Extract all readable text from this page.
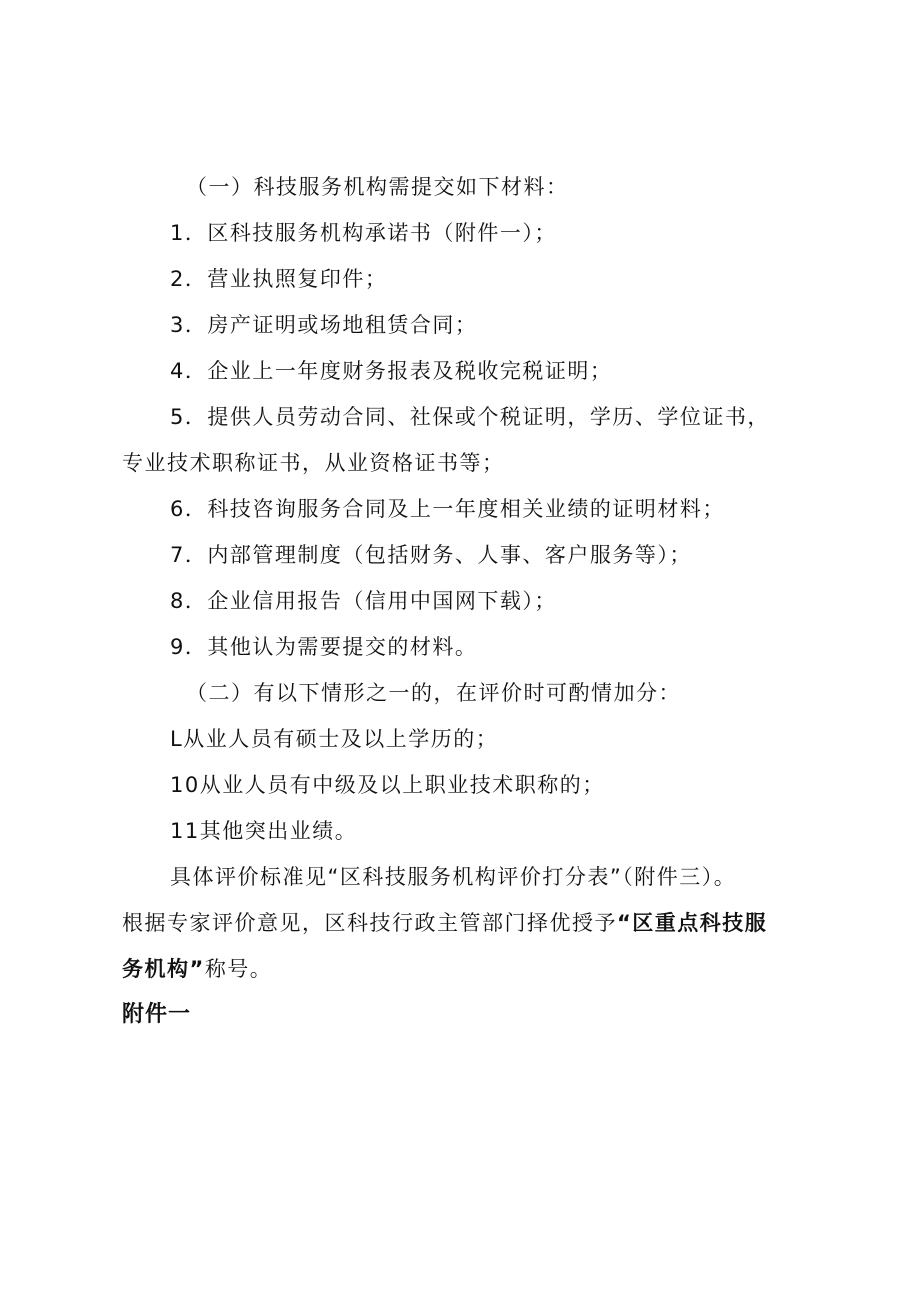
（一）科技服务机构需提交如下材料：
1．区科技服务机构承诺书（附件一）；
2．营业执照复印件；
3．房产证明或场地租赁合同；
4．企业上一年度财务报表及税收完税证明；
5．提供人员劳动合同、社保或个税证明，学历、学位证书，
专业技术职称证书，从业资格证书等；
6．科技咨询服务合同及上一年度相关业绩的证明材料；
7．内部管理制度（包括财务、人事、客户服务等）；
8．企业信用报告（信用中国网下载）；
9．其他认为需要提交的材料。
（二）有以下情形之一的，在评价时可酌情加分：
L从业人员有硕士及以上学历的；
10从业人员有中级及以上职业技术职称的；
11其他突出业绩。
具体评价标准见“区科技服务机构评价打分表”（附件三）。
根据专家评价意见，区科技行政主管部门择优授予“区重点科技服
务机构”称号。
附件一
